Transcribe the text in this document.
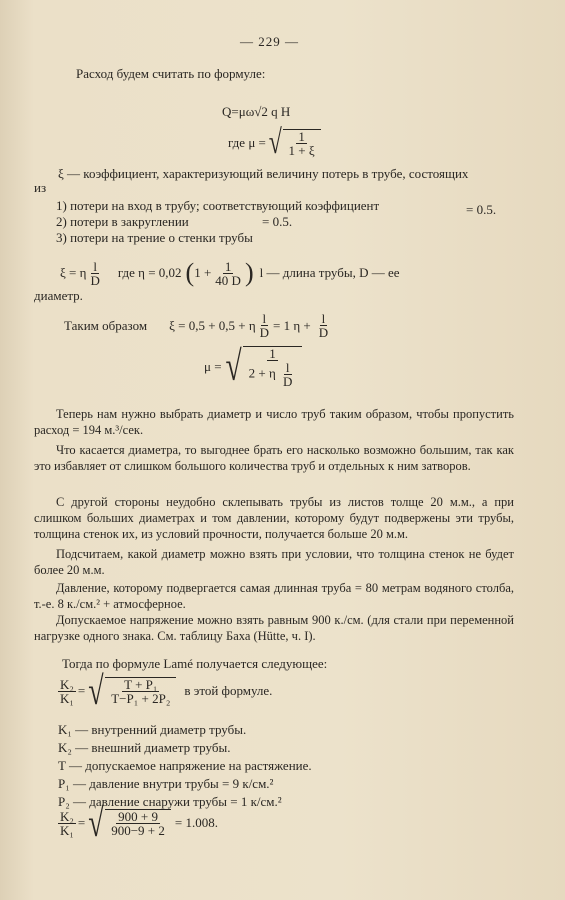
— 229 —
Расход будем считать по формуле:
Q=μω√2 q H
где μ = √ $\frac{1}{1 + \xi}$
ξ — коэффициент, характеризующий величину потерь в трубе, состоящих
из
1) потери на вход в трубу; соответствующий коэффициент	= 0.5.
2) потери в закруглении	= 0.5.
3) потери на трение о стенки трубы
ξ = η $\frac{l}{D}$ где η = 0,02 ( $1 + \frac{1}{40 D}$ ) l — длина трубы, D — ее
диаметр.
Таким образом ξ = 0,5 + 0,5 + η $\frac{l}{D} = 1$ $\eta + \frac{l}{D}$
μ = √ $\frac{1}{2 + \eta \frac{l}{D}}$
Теперь нам нужно выбрать диаметр и число труб таким образом, чтобы пропустить расход = 194 м.³/сек.
Что касается диаметра, то выгоднее брать его насколько возможно большим, так как это избавляет от слишком большого количества труб и отдельных к ним затворов.
С другой стороны неудобно склепывать трубы из листов толще 20 м.м., а при слишком больших диаметрах и том давлении, которому будут подвержены эти трубы, толщина стенок их, из условий прочности, получается больше 20 м.м.
Подсчитаем, какой диаметр можно взять при условии, что толщина стенок не будет более 20 м.м.
Давление, которому подвергается самая длинная труба = 80 метрам водяного столба, т.-е. 8 к./см.² + атмосферное.
Допускаемое напряжение можно взять равным 900 к./см. (для стали при переменной нагрузке одного знака. См. таблицу Баха (Hütte, ч. I).
Тогда по формуле Lamé получается следующее:
$\frac{\text{K₂}}{\text{K₁}}$ = √ $\frac{\text{T + P₁}}{\text{T−P₁ + 2P₂}}$ в этой формуле.
K₁ — внутренний диаметр трубы.
K₂ — внешний диаметр трубы.
T — допускаемое напряжение на растяжение.
P₁ — давление внутри трубы = 9 к/см.²
P₂ — давление снаружи трубы = 1 к/см.²
$\frac{\text{K₂}}{\text{K₁}}$ = √ $\frac{900 + 9}{900-9 + 2} = 1.008$.
